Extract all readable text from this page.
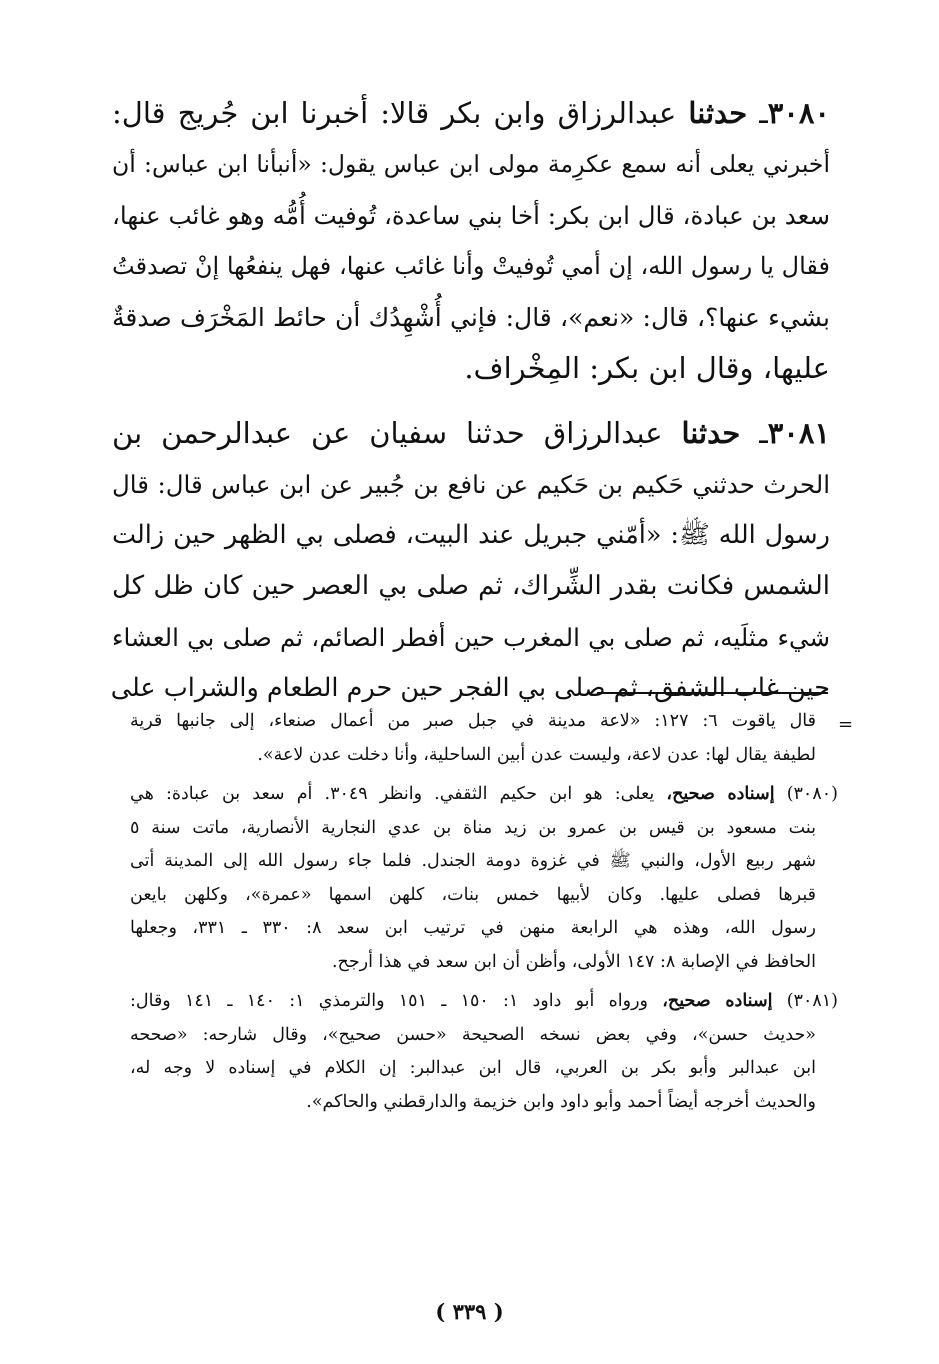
٣٠٨٠ـ حدثنا عبدالرزاق وابن بكر قالا: أخبرنا ابن جُريج قال:
أخبرني يعلى أنه سمع عكرِمة مولى ابن عباس يقول: «أنبأنا ابن عباس: أن
سعد بن عبادة، قال ابن بكر: أخا بني ساعدة، تُوفيت أُمُّه وهو غائب عنها،
فقال يا رسول الله، إن أمي تُوفيتْ وأنا غائب عنها، فهل ينفعُها إنْ تصدقتُ
بشيء عنها؟، قال: «نعم»، قال: فإني أُشْهِدُك أن حائط المَخْرَف صدقةٌ
عليها، وقال ابن بكر: المِخْراف.
٣٠٨١ـ حدثنا عبدالرزاق حدثنا سفيان عن عبدالرحمن بن
الحرث حدثني حَكيم بن حَكيم عن نافع بن جُبير عن ابن عباس قال: قال
رسول الله ﷺ: «أمّني جبريل عند البيت، فصلى بي الظهر حين زالت
الشمس فكانت بقدر الشِّراك، ثم صلى بي العصر حين كان ظل كل
شيء مثلَيه، ثم صلى بي المغرب حين أفطر الصائم، ثم صلى بي العشاء
حين غاب الشفق، ثم صلى بي الفجر حين حرم الطعام والشراب على
=
قال ياقوت ٦: ١٢٧: «لاعة مدينة في جبل صبر من أعمال صنعاء، إلى جانبها قرية
لطيفة يقال لها: عدن لاعة، وليست عدن أبين الساحلية، وأنا دخلت عدن لاعة».
(٣٠٨٠) إسناده صحيح، يعلى: هو ابن حكيم الثقفي. وانظر ٣٠٤٩. أم سعد بن عبادة: هي
بنت مسعود بن قيس بن عمرو بن زيد مناة بن عدي النجارية الأنصارية، ماتت سنة ٥
شهر ربيع الأول، والنبي ﷺ في غزوة دومة الجندل. فلما جاء رسول الله إلى المدينة أتى
قبرها فصلى عليها. وكان لأبيها خمس بنات، كلهن اسمها «عمرة»، وكلهن بايعن
رسول الله، وهذه هي الرابعة منهن في ترتيب ابن سعد ٨: ٣٣٠ ـ ٣٣١، وجعلها
الحافظ في الإصابة ٨: ١٤٧ الأولى، وأظن أن ابن سعد في هذا أرجح.
(٣٠٨١) إسناده صحيح، ورواه أبو داود ١: ١٥٠ ـ ١٥١ والترمذي ١: ١٤٠ ـ ١٤١ وقال:
«حديث حسن»، وفي بعض نسخه الصحيحة «حسن صحيح»، وقال شارحه: «صححه
ابن عبدالبر وأبو بكر بن العربي، قال ابن عبدالبر: إن الكلام في إسناده لا وجه له،
والحديث أخرجه أيضاً أحمد وأبو داود وابن خزيمة والدارقطني والحاكم».
( ٣٣٩ )
